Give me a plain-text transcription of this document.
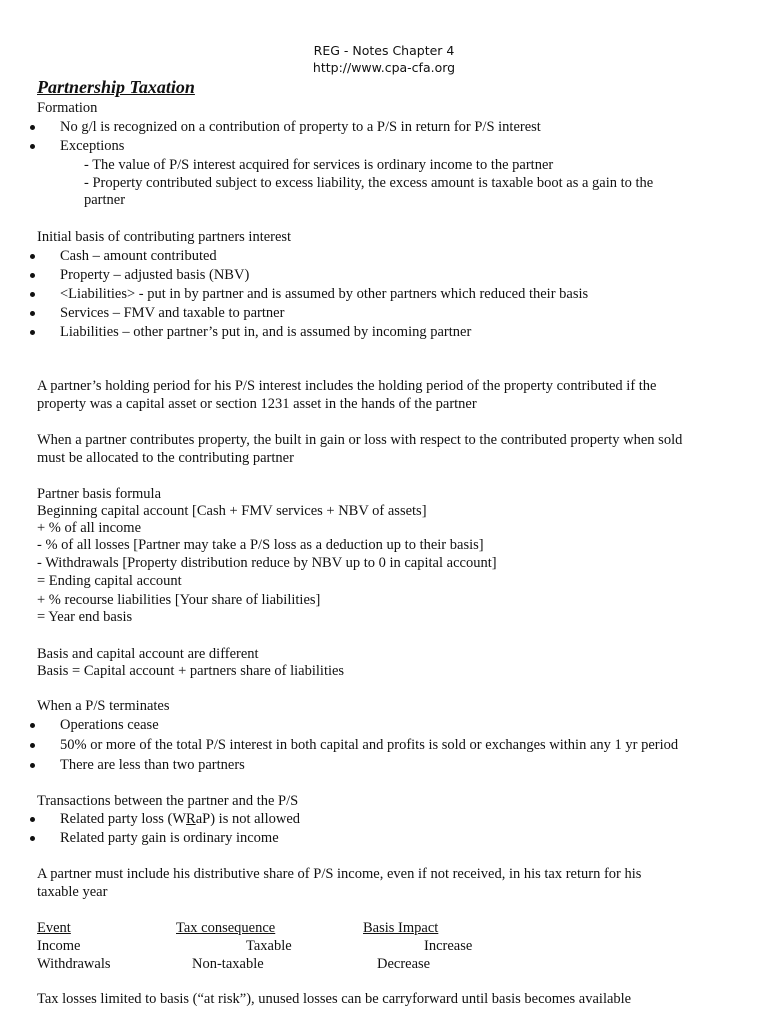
REG - Notes Chapter 4
http://www.cpa-cfa.org
Partnership Taxation
Formation
No g/l is recognized on a contribution of property to a P/S in return for P/S interest
Exceptions
- The value of P/S interest acquired for services is ordinary income to the partner
- Property contributed subject to excess liability, the excess amount is taxable boot as a gain to the
partner
Initial basis of contributing partners interest
Cash – amount contributed
Property – adjusted basis (NBV)
<Liabilities> - put in by partner and is assumed by other partners which reduced their basis
Services – FMV and taxable to partner
Liabilities – other partner’s put in, and is assumed by incoming partner
A partner’s holding period for his P/S interest includes the holding period of the property contributed if the
property was a capital asset or section 1231 asset in the hands of the partner
When a partner contributes property, the built in gain or loss with respect to the contributed property when sold
must be allocated to the contributing partner
Partner basis formula
Beginning capital account [Cash + FMV services + NBV of assets]
+ % of all income
- % of all losses [Partner may take a P/S loss as a deduction up to their basis]
- Withdrawals [Property distribution reduce by NBV up to 0 in capital account]
= Ending capital account
+ % recourse liabilities [Your share of liabilities]
= Year end basis
Basis and capital account are different
Basis = Capital account + partners share of liabilities
When a P/S terminates
Operations cease
50% or more of the total P/S interest in both capital and profits is sold or exchanges within any 1 yr period
There are less than two partners
Transactions between the partner and the P/S
Related party loss (WRaP) is not allowed
Related party gain is ordinary income
A partner must include his distributive share of P/S income, even if not received, in his tax return for his
taxable year
Event	Tax consequence	Basis Impact
Income	Taxable	Increase
Withdrawals	Non-taxable	Decrease
Tax losses limited to basis (“at risk”), unused losses can be carryforward until basis becomes available
